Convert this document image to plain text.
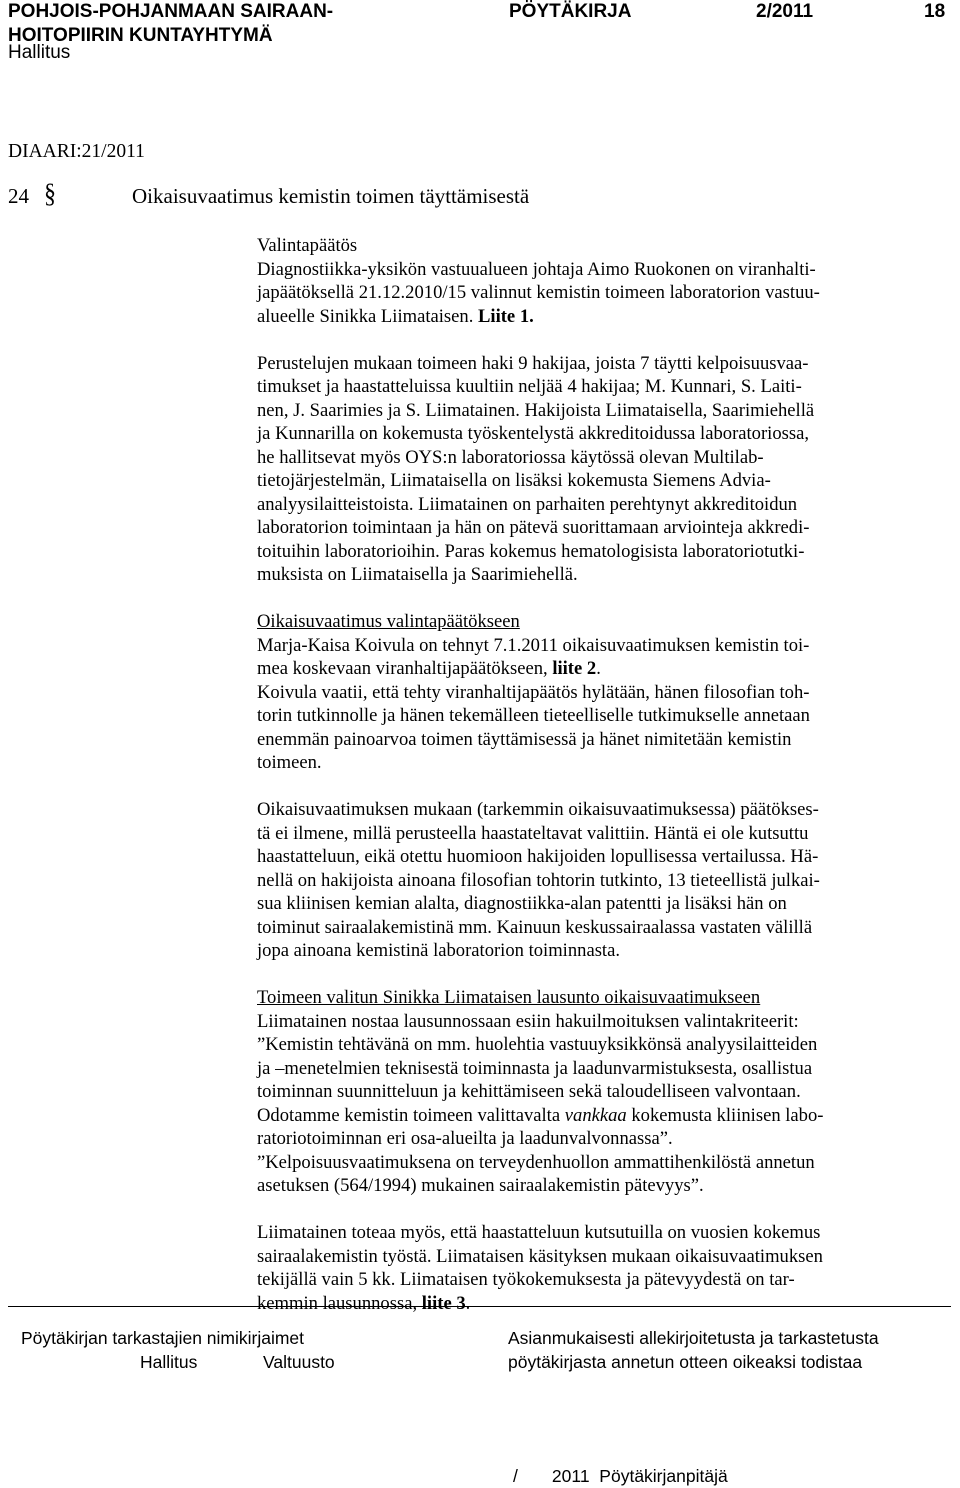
POHJOIS-POHJANMAAN SAIRAAN-
HOITOPIIRIN KUNTAYHTYMÄ
PÖYTÄKIRJA	2/2011	18
Hallitus
DIAARI:21/2011
24 §	Oikaisuvaatimus kemistin toimen täyttämisestä

Valintapäätös

Diagnostiikka-yksikön vastuualueen johtaja Aimo Ruokonen on viranhalti-
japäätöksellä 21.12.2010/15 valinnut kemistin toimeen laboratorion vastuu-
alueelle Sinikka Liimataisen. Liite 1.

Perustelujen mukaan toimeen haki 9 hakijaa, joista 7 täytti kelpoisuusvaa-
timukset ja haastatteluissa kuultiin neljää 4 hakijaa; M. Kunnari, S. Laiti-
nen, J. Saarimies ja S. Liimatainen. Hakijoista Liimataisella, Saarimiehellä
ja Kunnarilla on kokemusta työskentelystä akkreditoidussa laboratoriossa,
he hallitsevat myös OYS:n laboratoriossa käytössä olevan Multilab-
tietojärjestelmän, Liimataisella on lisäksi kokemusta Siemens Advia-
analyysilaitteistoista. Liimatainen on parhaiten perehtynyt akkreditoidun
laboratorion toimintaan ja hän on pätevä suorittamaan arviointeja akkredi-
toituihin laboratorioihin. Paras kokemus hematologisista laboratoriotutki-
muksista on Liimataisella ja Saarimiehellä.

Oikaisuvaatimus valintapäätökseen

Marja-Kaisa Koivula on tehnyt 7.1.2011 oikaisuvaatimuksen kemistin toi-
mea koskevaan viranhaltijapäätökseen, liite 2.
Koivula vaatii, että tehty viranhaltijapäätös hylätään, hänen filosofian toh-
torin tutkinnolle ja hänen tekemälleen tieteelliselle tutkimukselle annetaan
enemmän painoarvoa toimen täyttämisessä ja hänet nimitetään kemistin
toimeen.

Oikaisuvaatimuksen mukaan (tarkemmin oikaisuvaatimuksessa) päätökses-
tä ei ilmene, millä perusteella haastateltavat valittiin. Häntä ei ole kutsuttu
haastatteluun, eikä otettu huomioon hakijoiden lopullisessa vertailussa. Hä-
nellä on hakijoista ainoana filosofian tohtorin tutkinto, 13 tieteellistä julkai-
sua kliinisen kemian alalta, diagnostiikka-alan patentti ja lisäksi hän on
toiminut sairaalakemistinä mm. Kainuun keskussairaalassa vastaten välillä
jopa ainoana kemistinä laboratorion toiminnasta.

Toimeen valitun Sinikka Liimataisen lausunto oikaisuvaatimukseen

Liimatainen nostaa lausunnossaan esiin hakuilmoituksen valintakriteerit:
”Kemistin tehtävänä on mm. huolehtia vastuuyksikkönsä analyysilaitteiden
ja –menetelmien teknisestä toiminnasta ja laadunvarmistuksesta, osallistua
toiminnan suunnitteluun ja kehittämiseen sekä taloudelliseen valvontaan.
Odotamme kemistin toimeen valittavalta vankkaa kokemusta kliinisen labo-
ratoriotoiminnan eri osa-alueilta ja laadunvalvonnassa”.
”Kelpoisuusvaatimuksena on terveydenhuollon ammattihenkilöstä annetun
asetuksen (564/1994) mukainen sairaalakemistin pätevyys”.

Liimatainen toteaa myös, että haastatteluun kutsutuilla on vuosien kokemus
sairaalakemistin työstä. Liimataisen käsityksen mukaan oikaisuvaatimuksen
tekijällä vain 5 kk. Liimataisen työkokemuksesta ja pätevyydestä on tar-
kemmin lausunnossa, liite 3.

Pöytäkirjan tarkastajien nimikirjaimet
Hallitus	Valtuusto
Asianmukaisesti allekirjoitetusta ja tarkastetusta
pöytäkirjasta annetun otteen oikeaksi todistaa
/ 2011 Pöytäkirjanpitäjä
